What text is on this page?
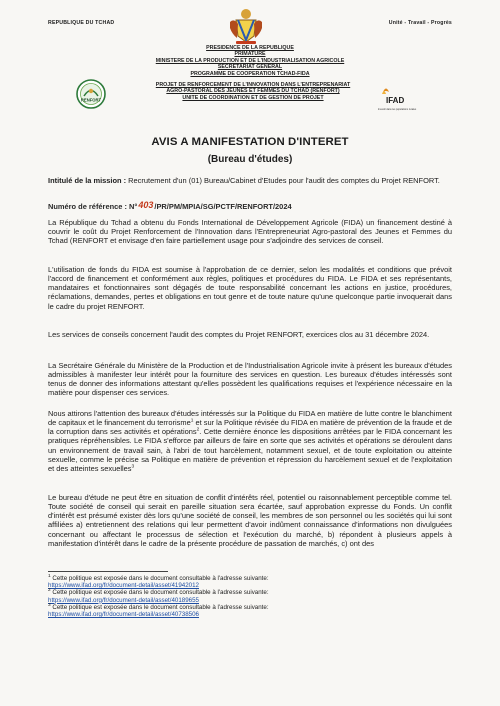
REPUBLIQUE DU TCHAD	Unité - Travail - Progrès
PRESIDENCE DE LA REPUBLIQUE
PRIMATURE
MINISTERE DE LA PRODUCTION ET DE L'INDUSTRIALISATION AGRICOLE
SECRETARIAT GENERAL
PROGRAMME DE COOPERATION TCHAD-FIDA
RENFORT
PROJET DE RENFORCEMENT DE L'INNOVATION DANS L'ENTREPRENARIAT
AGRO-PASTORAL DES JEUNES ET FEMMES DU TCHAD (RENFORT)
UNITE DE COORDINATION ET DE GESTION DE PROJET	IFAD
Investir dans les populations rurales
AVIS A MANIFESTATION D'INTERET
(Bureau d'études)
Intitulé de la mission : Recrutement d'un (01) Bureau/Cabinet d'Etudes pour l'audit des comptes du Projet RENFORT.
Numéro de référence : N°403/PR/PM/MPIA/SG/PCTF/RENFORT/2024
La République du Tchad a obtenu du Fonds International de Développement Agricole (FIDA) un financement destiné à couvrir le coût du Projet Renforcement de l'Innovation dans l'Entrepreneuriat Agro-pastoral des Jeunes et Femmes du Tchad (RENFORT et envisage d'en faire partiellement usage pour s'adjoindre des services de conseil.
L'utilisation de fonds du FIDA est soumise à l'approbation de ce dernier, selon les modalités et conditions que prévoit l'accord de financement et conformément aux règles, politiques et procédures du FIDA. Le FIDA et ses représentants, mandataires et fonctionnaires sont dégagés de toute responsabilité concernant les actions en justice, procédures, réclamations, demandes, pertes et obligations en tout genre et de toute nature qu'une quelconque partie invoquerait dans le cadre du projet RENFORT.
Les services de conseils concernent l'audit des comptes du Projet RENFORT, exercices clos au 31 décembre 2024.
La Secrétaire Générale du Ministère de la Production et de l'Industrialisation Agricole invite à présent les bureaux d'études admissibles à manifester leur intérêt pour la fourniture des services en question. Les bureaux d'études intéressés sont tenus de donner des informations attestant qu'elles possèdent les qualifications requises et l'expérience nécessaire en la matière pour dispenser ces services.
Nous attirons l'attention des bureaux d'études intéressés sur la Politique du FIDA en matière de lutte contre le blanchiment de capitaux et le financement du terrorisme$^1$ et sur la Politique révisée du FIDA en matière de prévention de la fraude et de la corruption dans ses activités et opérations$^2$. Cette dernière énonce les dispositions arrêtées par le FIDA concernant les pratiques répréhensibles. Le FIDA s'efforce par ailleurs de faire en sorte que ses activités et opérations se déroulent dans un environnement de travail sain, à l'abri de tout harcèlement, notamment sexuel, et de toute exploitation ou atteinte sexuelle, comme le précise sa Politique en matière de prévention et répression du harcèlement sexuel et de l'exploitation et des atteintes sexuelles$^3$
Le bureau d'étude ne peut être en situation de conflit d'intérêts réel, potentiel ou raisonnablement perceptible comme tel. Toute société de conseil qui serait en pareille situation sera écartée, sauf approbation expresse du Fonds. Un conflit d'intérêt est présumé exister dès lors qu'une société de conseil, les membres de son personnel ou les sociétés qui lui sont affiliées a) entretiennent des relations qui leur permettent d'avoir indûment connaissance d'informations non divulguées concernant ou affectant le processus de sélection et l'exécution du marché, b) répondent à plusieurs appels à manifestation d'intérêt dans le cadre de la présente procédure de passation de marchés, c) ont des
$^1$ Cette politique est exposée dans le document consultable à l'adresse suivante:
https://www.ifad.org/fr/document-detail/asset/41942012
$^2$ Cette politique est exposée dans le document consultable à l'adresse suivante:
https://www.ifad.org/fr/document-detail/asset/40189655
$^3$ Cette politique est exposée dans le document consultable à l'adresse suivante:
https://www.ifad.org/fr/document-detail/asset/40738506
